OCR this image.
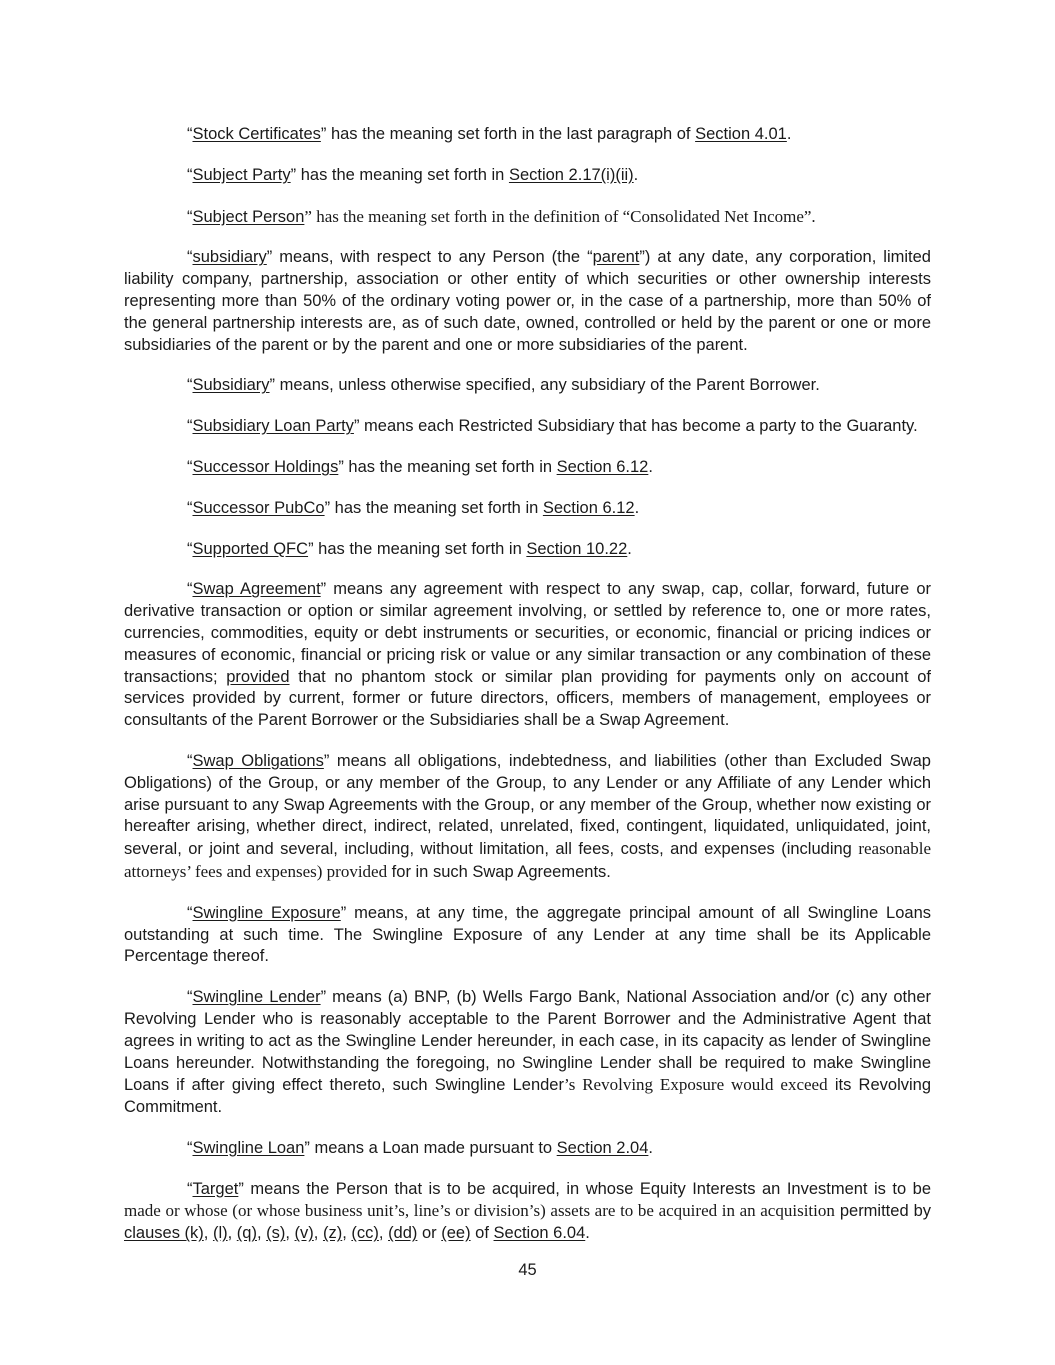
“Stock Certificates” has the meaning set forth in the last paragraph of Section 4.01.

“Subject Party” has the meaning set forth in Section 2.17(i)(ii).

“Subject Person” has the meaning set forth in the definition of “Consolidated Net Income”.

“subsidiary” means, with respect to any Person (the “parent”) at any date, any corporation, limited liability company, partnership, association or other entity of which securities or other ownership interests representing more than 50% of the ordinary voting power or, in the case of a partnership, more than 50% of the general partnership interests are, as of such date, owned, controlled or held by the parent or one or more subsidiaries of the parent or by the parent and one or more subsidiaries of the parent.

“Subsidiary” means, unless otherwise specified, any subsidiary of the Parent Borrower.

“Subsidiary Loan Party” means each Restricted Subsidiary that has become a party to the Guaranty.

“Successor Holdings” has the meaning set forth in Section 6.12.

“Successor PubCo” has the meaning set forth in Section 6.12.

“Supported QFC” has the meaning set forth in Section 10.22.

“Swap Agreement” means any agreement with respect to any swap, cap, collar, forward, future or derivative transaction or option or similar agreement involving, or settled by reference to, one or more rates, currencies, commodities, equity or debt instruments or securities, or economic, financial or pricing indices or measures of economic, financial or pricing risk or value or any similar transaction or any combination of these transactions; provided that no phantom stock or similar plan providing for payments only on account of services provided by current, former or future directors, officers, members of management, employees or consultants of the Parent Borrower or the Subsidiaries shall be a Swap Agreement.

“Swap Obligations” means all obligations, indebtedness, and liabilities (other than Excluded Swap Obligations) of the Group, or any member of the Group, to any Lender or any Affiliate of any Lender which arise pursuant to any Swap Agreements with the Group, or any member of the Group, whether now existing or hereafter arising, whether direct, indirect, related, unrelated, fixed, contingent, liquidated, unliquidated, joint, several, or joint and several, including, without limitation, all fees, costs, and expenses (including reasonable attorneys’ fees and expenses) provided for in such Swap Agreements.

“Swingline Exposure” means, at any time, the aggregate principal amount of all Swingline Loans outstanding at such time. The Swingline Exposure of any Lender at any time shall be its Applicable Percentage thereof.

“Swingline Lender” means (a) BNP, (b) Wells Fargo Bank, National Association and/or (c) any other Revolving Lender who is reasonably acceptable to the Parent Borrower and the Administrative Agent that agrees in writing to act as the Swingline Lender hereunder, in each case, in its capacity as lender of Swingline Loans hereunder. Notwithstanding the foregoing, no Swingline Lender shall be required to make Swingline Loans if after giving effect thereto, such Swingline Lender’s Revolving Exposure would exceed its Revolving Commitment.

“Swingline Loan” means a Loan made pursuant to Section 2.04.

“Target” means the Person that is to be acquired, in whose Equity Interests an Investment is to be made or whose (or whose business unit’s, line’s or division’s) assets are to be acquired in an acquisition permitted by clauses (k), (l), (q), (s), (v), (z), (cc), (dd) or (ee) of Section 6.04.

45
